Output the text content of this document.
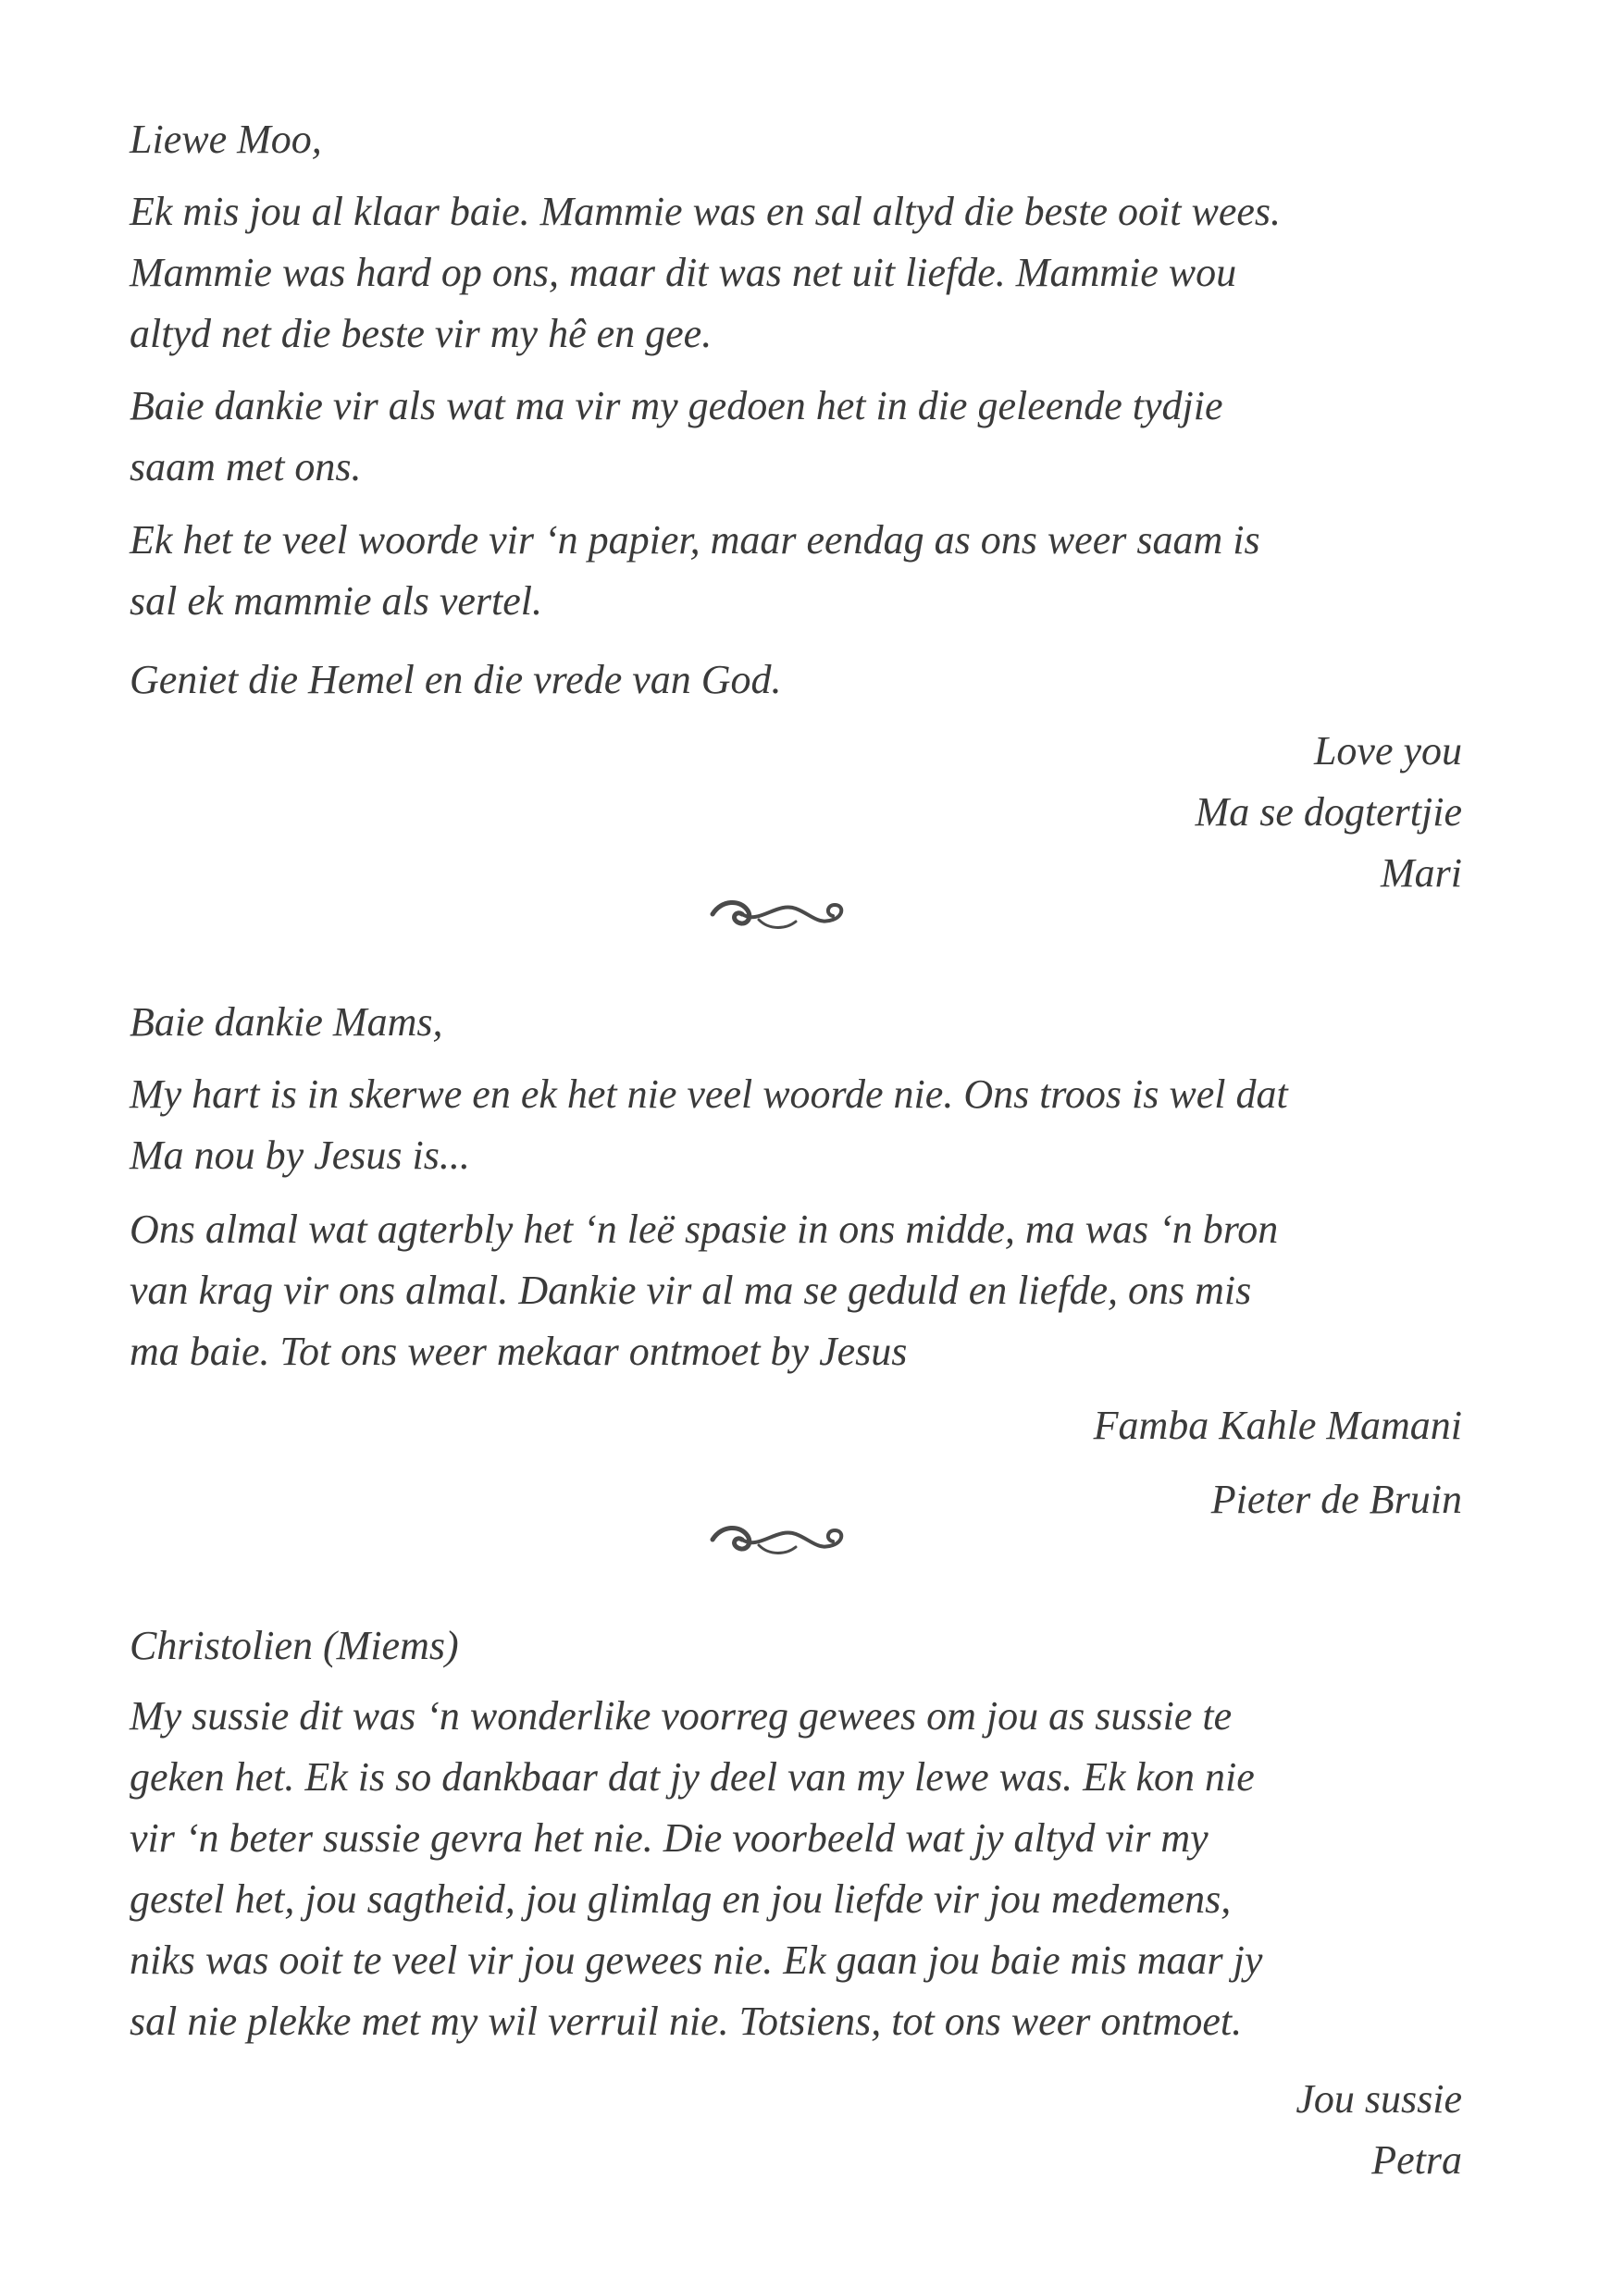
Liewe Moo,
Ek mis jou al klaar baie. Mammie was en sal altyd die beste ooit wees.
Mammie was hard op ons, maar dit was net uit liefde. Mammie wou
altyd net die beste vir my hê en gee.
Baie dankie vir als wat ma vir my gedoen het in die geleende tydjie
saam met ons.
Ek het te veel woorde vir ‘n papier, maar eendag as ons weer saam is
sal ek mammie als vertel.
Geniet die Hemel en die vrede van God.
Love you
Ma se dogtertjie
Mari
Baie dankie Mams,
My hart is in skerwe en ek het nie veel woorde nie. Ons troos is wel dat
Ma nou by Jesus is...
Ons almal wat agterbly het ‘n leë spasie in ons midde, ma was ‘n bron
van krag vir ons almal. Dankie vir al ma se geduld en liefde, ons mis
ma baie. Tot ons weer mekaar ontmoet by Jesus
Famba Kahle Mamani
Pieter de Bruin
Christolien (Miems)
My sussie dit was ‘n wonderlike voorreg gewees om jou as sussie te
geken het. Ek is so dankbaar dat jy deel van my lewe was. Ek kon nie
vir ‘n beter sussie gevra het nie. Die voorbeeld wat jy altyd vir my
gestel het, jou sagtheid, jou glimlag en jou liefde vir jou medemens,
niks was ooit te veel vir jou gewees nie. Ek gaan jou baie mis maar jy
sal nie plekke met my wil verruil nie. Totsiens, tot ons weer ontmoet.
Jou sussie
Petra
